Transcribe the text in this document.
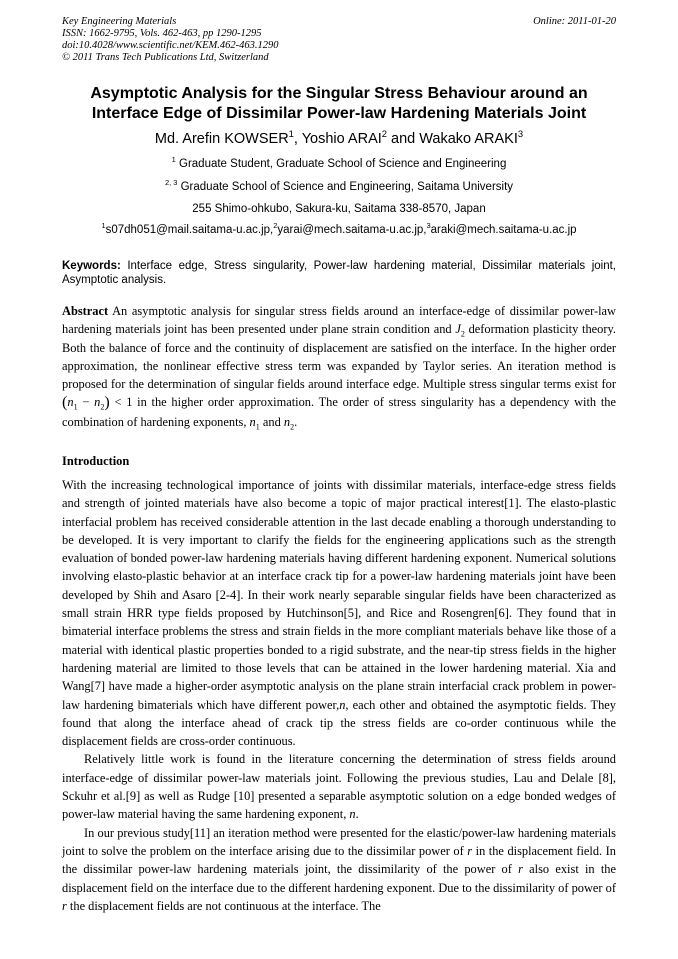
Key Engineering Materials
ISSN: 1662-9795, Vols. 462-463, pp 1290-1295
doi:10.4028/www.scientific.net/KEM.462-463.1290
© 2011 Trans Tech Publications Ltd, Switzerland
Online: 2011-01-20
Asymptotic Analysis for the Singular Stress Behaviour around an
Interface Edge of Dissimilar Power-law Hardening Materials Joint
Md. Arefin KOWSER$^1$, Yoshio ARAI$^2$ and Wakako ARAKI$^3$
$^1$ Graduate Student, Graduate School of Science and Engineering
$^{2, 3}$ Graduate School of Science and Engineering, Saitama University
255 Shimo-ohkubo, Sakura-ku, Saitama 338-8570, Japan
$^1$s07dh051@mail.saitama-u.ac.jp,$^2$yarai@mech.saitama-u.ac.jp,$^3$araki@mech.saitama-u.ac.jp
Keywords: Interface edge, Stress singularity, Power-law hardening material, Dissimilar materials joint, Asymptotic analysis.
Abstract An asymptotic analysis for singular stress fields around an interface-edge of dissimilar power-law hardening materials joint has been presented under plane strain condition and $J_2$ deformation plasticity theory. Both the balance of force and the continuity of displacement are satisfied on the interface. In the higher order approximation, the nonlinear effective stress term was expanded by Taylor series. An iteration method is proposed for the determination of singular fields around interface edge. Multiple stress singular terms exist for $(n_1 - n_2) < 1$ in the higher order approximation. The order of stress singularity has a dependency with the combination of hardening exponents, $n_1$ and $n_2$.
Introduction

With the increasing technological importance of joints with dissimilar materials, interface-edge stress fields and strength of jointed materials have also become a topic of major practical interest[1]. The elasto-plastic interfacial problem has received considerable attention in the last decade enabling a thorough understanding to be developed. It is very important to clarify the fields for the engineering applications such as the strength evaluation of bonded power-law hardening materials having different hardening exponent. Numerical solutions involving elasto-plastic behavior at an interface crack tip for a power-law hardening materials joint have been developed by Shih and Asaro [2-4]. In their work nearly separable singular fields have been characterized as small strain HRR type fields proposed by Hutchinson[5], and Rice and Rosengren[6]. They found that in bimaterial interface problems the stress and strain fields in the more compliant materials behave like those of a material with identical plastic properties bonded to a rigid substrate, and the near-tip stress fields in the higher hardening material are limited to those levels that can be attained in the lower hardening material. Xia and Wang[7] have made a higher-order asymptotic analysis on the plane strain interfacial crack problem in power-law hardening bimaterials which have different power,n, each other and obtained the asymptotic fields. They found that along the interface ahead of crack tip the stress fields are co-order continuous while the displacement fields are cross-order continuous.

Relatively little work is found in the literature concerning the determination of stress fields around interface-edge of dissimilar power-law materials joint. Following the previous studies, Lau and Delale [8], Sckuhr et al.[9] as well as Rudge [10] presented a separable asymptotic solution on a edge bonded wedges of power-law material having the same hardening exponent, n.

In our previous study[11] an iteration method were presented for the elastic/power-law hardening materials joint to solve the problem on the interface arising due to the dissimilar power of r in the displacement field. In the dissimilar power-law hardening materials joint, the dissimilarity of the power of r also exist in the displacement field on the interface due to the different hardening exponent. Due to the dissimilarity of power of r the displacement fields are not continuous at the interface. The
